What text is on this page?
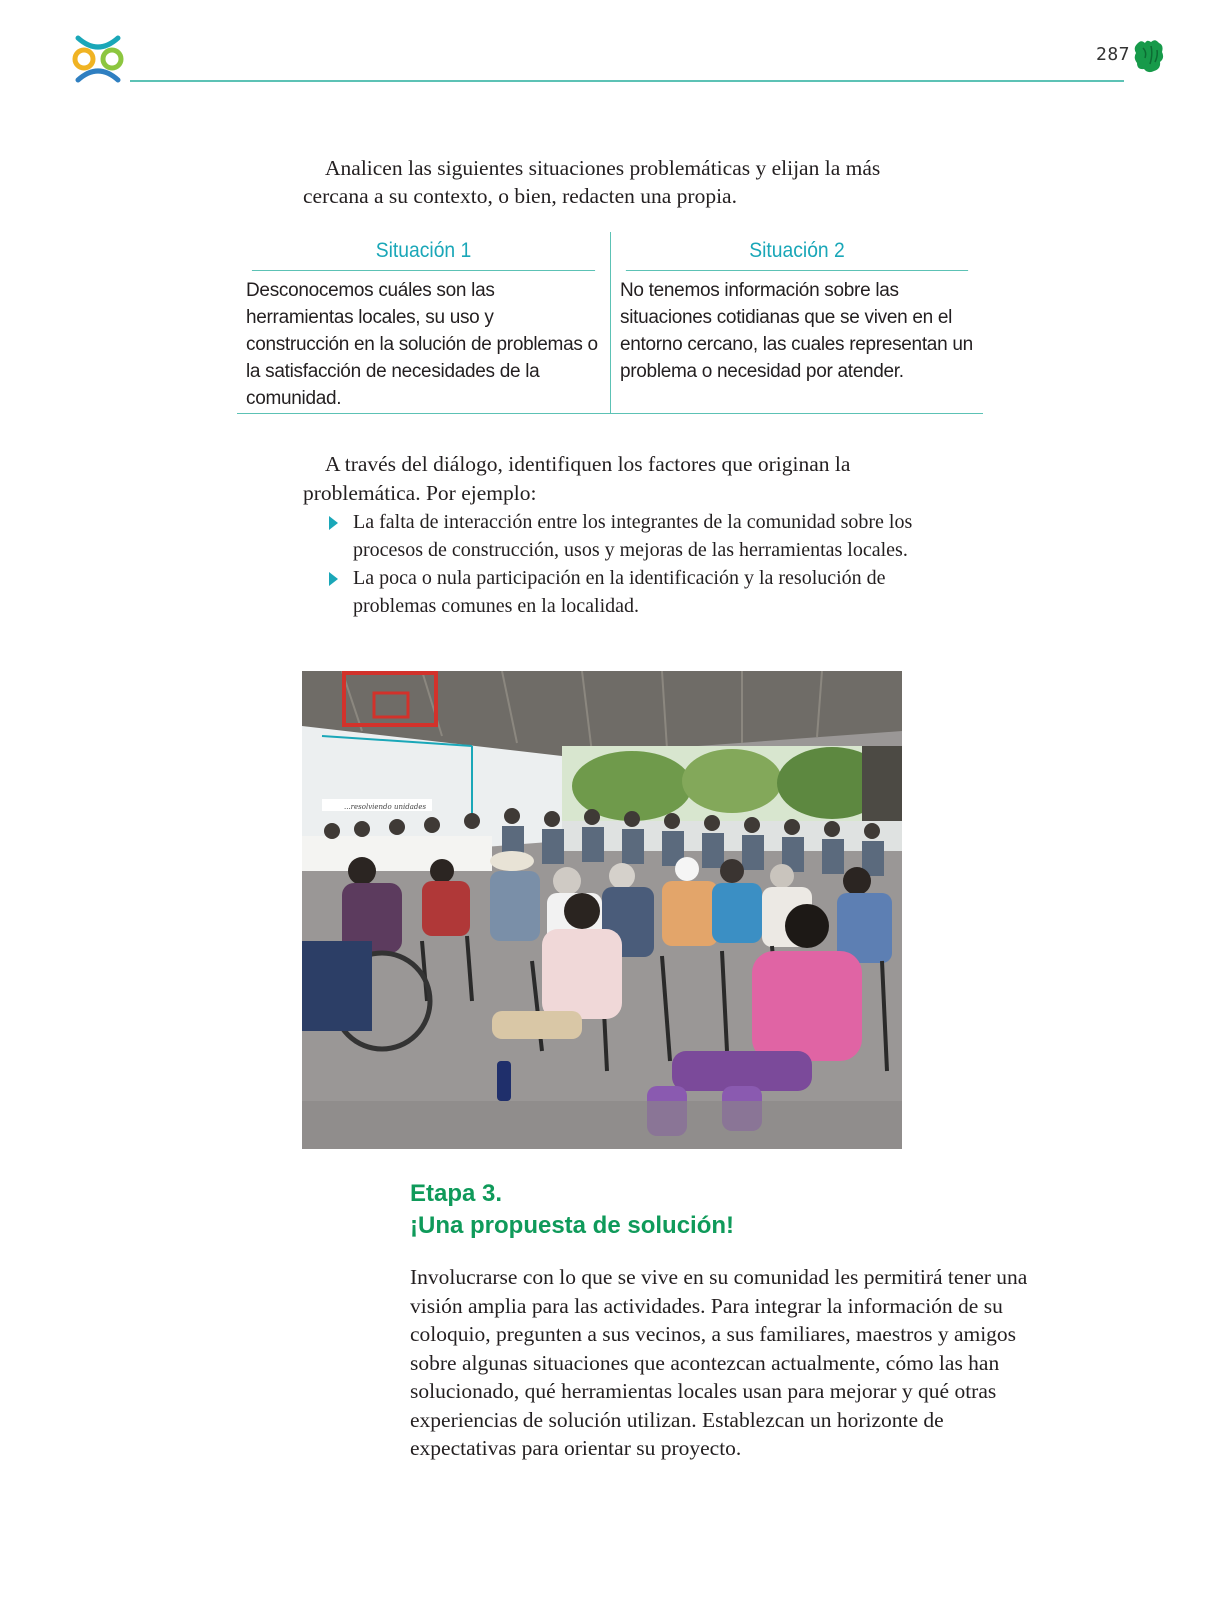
287

Analicen las siguientes situaciones problemáticas y elijan la más cercana a su contexto, o bien, redacten una propia.

Situación 1
Desconocemos cuáles son las herramientas locales, su uso y construcción en la solución de problemas o la satisfacción de necesidades de la comunidad.
Situación 2
No tenemos información sobre las situaciones cotidianas que se viven en el entorno cercano, las cuales representan un problema o necesidad por atender.

A través del diálogo, identifiquen los factores que originan la problemática. Por ejemplo:

La falta de interacción entre los integrantes de la comunidad sobre los procesos de construcción, usos y mejoras de las herramientas locales.
La poca o nula participación en la identificación y la resolución de problemas comunes en la localidad.
...resolviendo unidades
Etapa 3.
¡Una propuesta de solución!

Involucrarse con lo que se vive en su comunidad les permitirá tener una visión amplia para las actividades. Para integrar la información de su coloquio, pregunten a sus vecinos, a sus familiares, maestros y amigos sobre algunas situaciones que acontezcan actualmente, cómo las han solucionado, qué herramientas locales usan para mejorar y qué otras experiencias de solución utilizan. Establezcan un horizonte de expectativas para orientar su proyecto.
